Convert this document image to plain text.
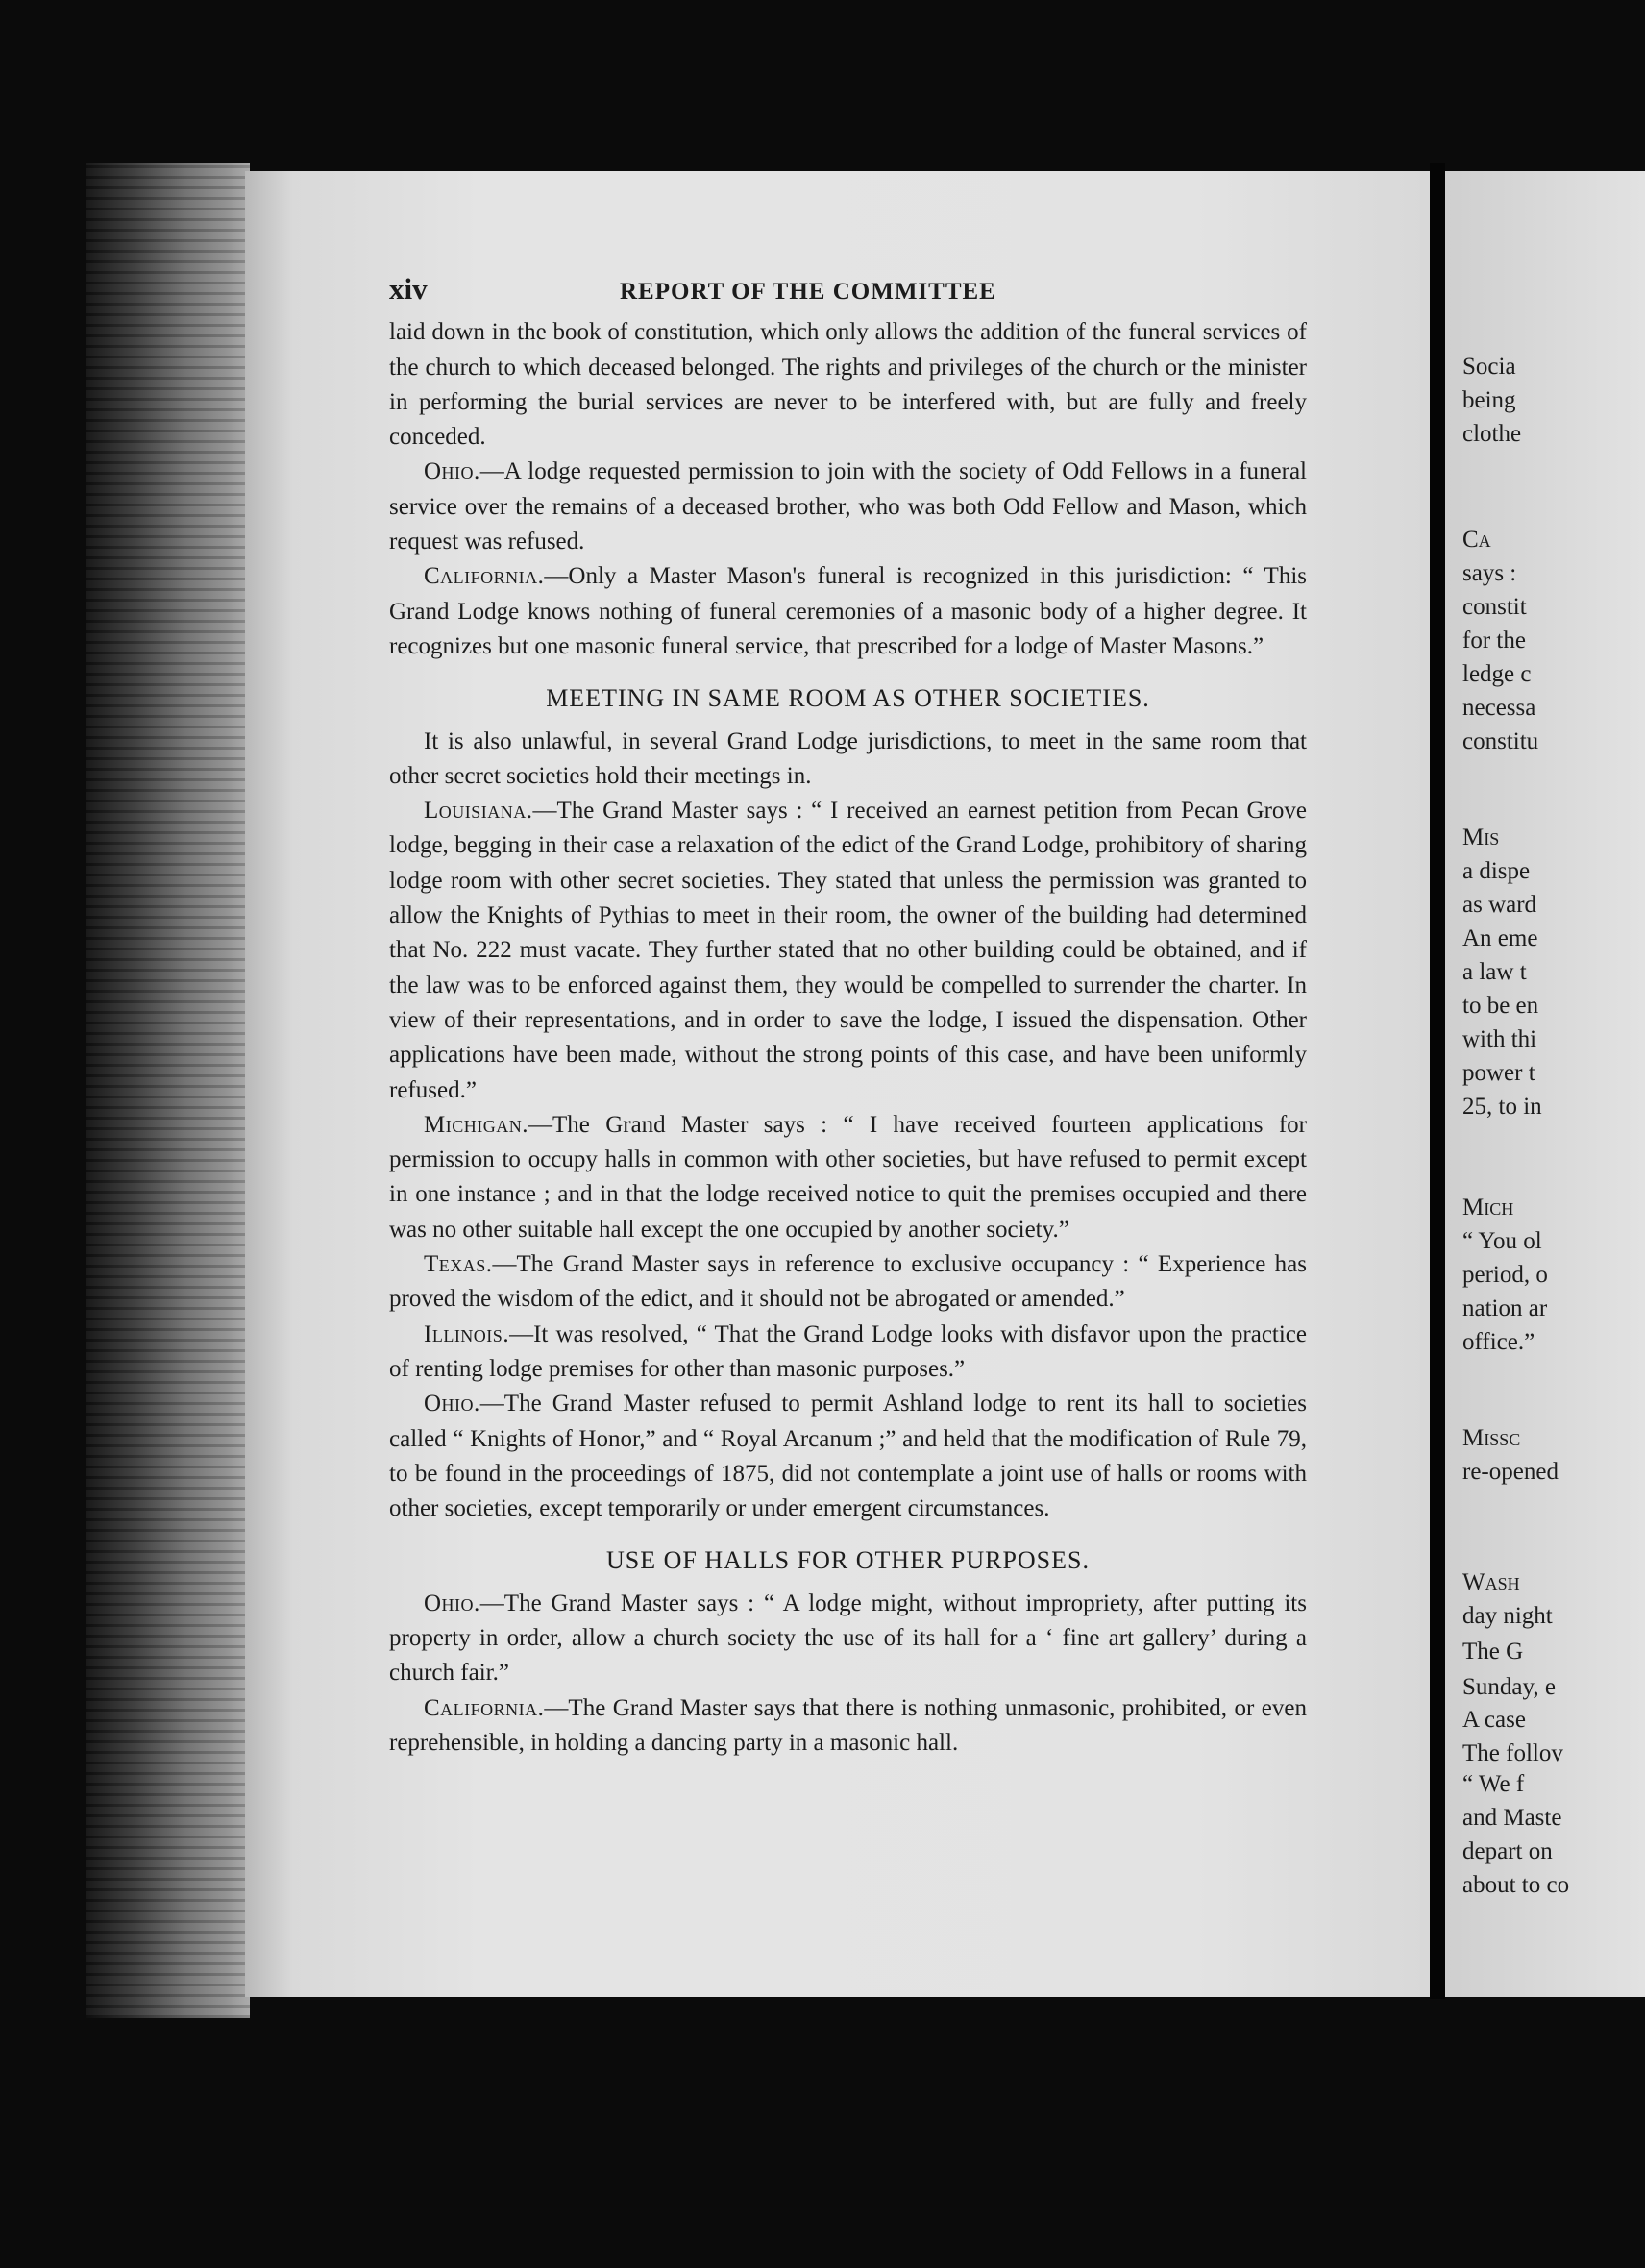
xiv	REPORT OF THE COMMITTEE

laid down in the book of constitution, which only allows the addition of the funeral services of the church to which deceased belonged. The rights and privileges of the church or the minister in performing the burial services are never to be interfered with, but are fully and freely conceded.

Ohio.—A lodge requested permission to join with the society of Odd Fellows in a funeral service over the remains of a deceased brother, who was both Odd Fellow and Mason, which request was refused.

California.—Only a Master Mason's funeral is recognized in this jurisdiction: “ This Grand Lodge knows nothing of funeral ceremonies of a masonic body of a higher degree. It recognizes but one masonic funeral service, that prescribed for a lodge of Master Masons.”

MEETING IN SAME ROOM AS OTHER SOCIETIES.

It is also unlawful, in several Grand Lodge jurisdictions, to meet in the same room that other secret societies hold their meetings in.

Louisiana.—The Grand Master says : “ I received an earnest petition from Pecan Grove lodge, begging in their case a relaxation of the edict of the Grand Lodge, prohibitory of sharing lodge room with other secret societies. They stated that unless the permission was granted to allow the Knights of Pythias to meet in their room, the owner of the building had determined that No. 222 must vacate. They further stated that no other building could be obtained, and if the law was to be enforced against them, they would be compelled to surrender the charter. In view of their representations, and in order to save the lodge, I issued the dispensation. Other applications have been made, without the strong points of this case, and have been uniformly refused.”

Michigan.—The Grand Master says : “ I have received fourteen applications for permission to occupy halls in common with other societies, but have refused to permit except in one instance ; and in that the lodge received notice to quit the premises occupied and there was no other suitable hall except the one occupied by another society.”

Texas.—The Grand Master says in reference to exclusive occupancy : “ Experience has proved the wisdom of the edict, and it should not be abrogated or amended.”

Illinois.—It was resolved, “ That the Grand Lodge looks with disfavor upon the practice of renting lodge premises for other than masonic purposes.”

Ohio.—The Grand Master refused to permit Ashland lodge to rent its hall to societies called “ Knights of Honor,” and “ Royal Arcanum ;” and held that the modification of Rule 79, to be found in the proceedings of 1875, did not contemplate a joint use of halls or rooms with other societies, except temporarily or under emergent circumstances.

USE OF HALLS FOR OTHER PURPOSES.

Ohio.—The Grand Master says : “ A lodge might, without impropriety, after putting its property in order, allow a church society the use of its hall for a ‘ fine art gallery’ during a church fair.”

California.—The Grand Master says that there is nothing unmasonic, prohibited, or even reprehensible, in holding a dancing party in a masonic hall.

Socia
being
clothe
Ca
says :
constit
for the
ledge c
necessa
constitu
Mis
a dispe
as ward
An eme
a law t
to be en
with thi
power t
25, to in
Mich
“ You ol
period, o
nation ar
office.”
Missc
re-opened
Wash
day night
The G
Sunday, e
A case
The follov
“ We f
and Maste
depart on
about to co
